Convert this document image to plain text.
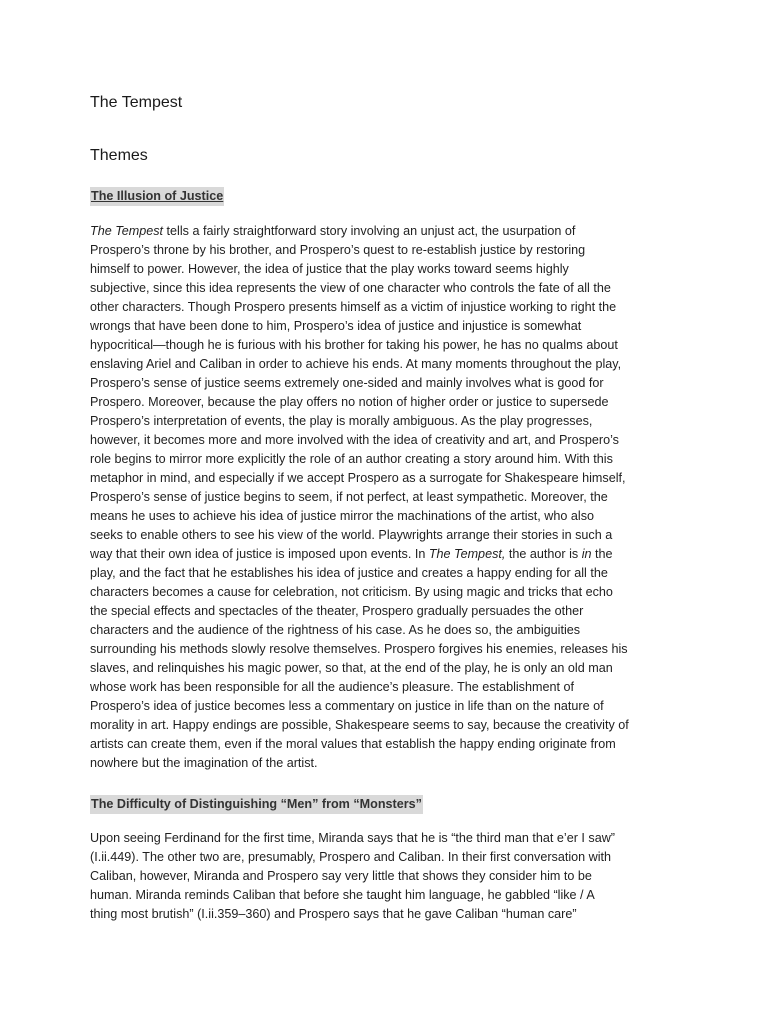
The Tempest
Themes
The Illusion of Justice

The Tempest tells a fairly straightforward story involving an unjust act, the usurpation of
Prospero’s throne by his brother, and Prospero’s quest to re-establish justice by restoring
himself to power. However, the idea of justice that the play works toward seems highly
subjective, since this idea represents the view of one character who controls the fate of all the
other characters. Though Prospero presents himself as a victim of injustice working to right the
wrongs that have been done to him, Prospero’s idea of justice and injustice is somewhat
hypocritical—though he is furious with his brother for taking his power, he has no qualms about
enslaving Ariel and Caliban in order to achieve his ends. At many moments throughout the play,
Prospero’s sense of justice seems extremely one-sided and mainly involves what is good for
Prospero. Moreover, because the play offers no notion of higher order or justice to supersede
Prospero’s interpretation of events, the play is morally ambiguous. As the play progresses,
however, it becomes more and more involved with the idea of creativity and art, and Prospero’s
role begins to mirror more explicitly the role of an author creating a story around him. With this
metaphor in mind, and especially if we accept Prospero as a surrogate for Shakespeare himself,
Prospero’s sense of justice begins to seem, if not perfect, at least sympathetic. Moreover, the
means he uses to achieve his idea of justice mirror the machinations of the artist, who also
seeks to enable others to see his view of the world. Playwrights arrange their stories in such a
way that their own idea of justice is imposed upon events. In The Tempest, the author is in the
play, and the fact that he establishes his idea of justice and creates a happy ending for all the
characters becomes a cause for celebration, not criticism. By using magic and tricks that echo
the special effects and spectacles of the theater, Prospero gradually persuades the other
characters and the audience of the rightness of his case. As he does so, the ambiguities
surrounding his methods slowly resolve themselves. Prospero forgives his enemies, releases his
slaves, and relinquishes his magic power, so that, at the end of the play, he is only an old man
whose work has been responsible for all the audience’s pleasure. The establishment of
Prospero’s idea of justice becomes less a commentary on justice in life than on the nature of
morality in art. Happy endings are possible, Shakespeare seems to say, because the creativity of
artists can create them, even if the moral values that establish the happy ending originate from
nowhere but the imagination of the artist.

The Difficulty of Distinguishing “Men” from “Monsters”

Upon seeing Ferdinand for the first time, Miranda says that he is “the third man that e’er I saw”
(I.ii.449). The other two are, presumably, Prospero and Caliban. In their first conversation with
Caliban, however, Miranda and Prospero say very little that shows they consider him to be
human. Miranda reminds Caliban that before she taught him language, he gabbled “like / A
thing most brutish” (I.ii.359–360) and Prospero says that he gave Caliban “human care”
